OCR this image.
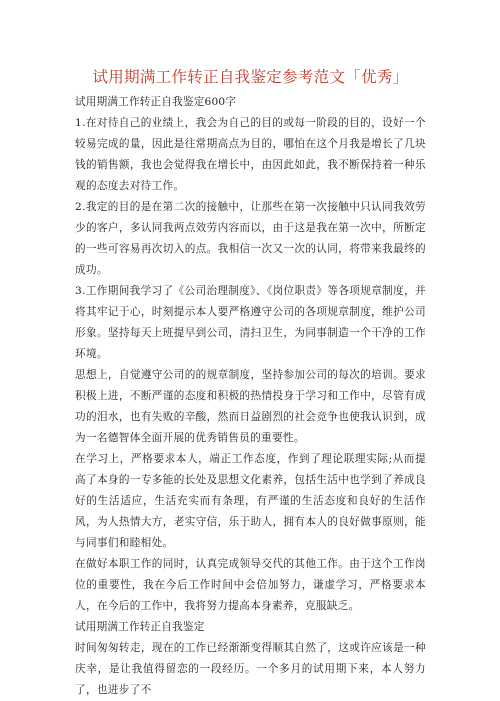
试用期满工作转正自我鉴定参考范文「优秀」

试用期满工作转正自我鉴定600字

1.在对待自己的业绩上，我会为自己的目的或每一阶段的目的，设好一个较易完成的量，因此是往常期高点为目的，哪怕在这个月我是增长了几块钱的销售额，我也会觉得我在增长中，由因此如此，我不断保持着一种乐观的态度去对待工作。

2.我定的目的是在第二次的接触中，让那些在第一次接触中只认同我效劳少的客户，多认同我两点效劳内容而以，由于这是我在第一次中，所断定的一些可容易再次切入的点。我相信一次又一次的认同，将带来我最终的成功。

3.工作期间我学习了《公司治理制度》、《岗位职责》等各项规章制度，并将其牢记于心，时刻提示本人要严格遵守公司的各项规章制度，维护公司形象。坚持每天上班提早到公司，清扫卫生，为同事制造一个干净的工作环境。

思想上，自觉遵守公司的的规章制度，坚持参加公司的每次的培训。要求积极上进，不断严谨的态度和积极的热情投身于学习和工作中，尽管有成功的泪水，也有失败的辛酸，然而日益剧烈的社会竞争也使我认识到，成为一名德智体全面开展的优秀销售员的重要性。

在学习上，严格要求本人，端正工作态度，作到了理论联理实际;从而提高了本身的一专多能的长处及思想文化素养，包括生活中也学到了养成良好的生活适应，生活充实而有条理，有严谨的生活态度和良好的生活作风，为人热情大方，老实守信，乐于助人，拥有本人的良好做事原则，能与同事们和睦相处。

在做好本职工作的同时，认真完成领导交代的其他工作。由于这个工作岗位的重要性，我在今后工作时间中会倍加努力，谦虚学习，严格要求本人，在今后的工作中，我将努力提高本身素养，克服缺乏。

试用期满工作转正自我鉴定

时间匆匆转走，现在的工作已经渐渐变得顺其自然了，这或许应该是一种庆幸，是让我值得留恋的一段经历。一个多月的试用期下来，本人努力了，也进步了不
